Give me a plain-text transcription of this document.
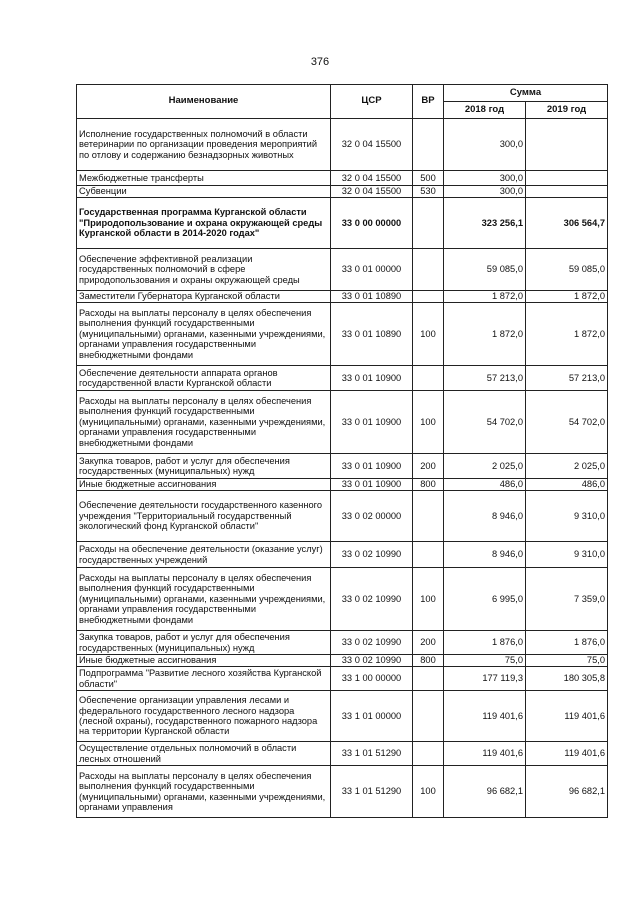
376
Наименование	ЦСР	ВР	Сумма	
			2018 год	2019 год
Исполнение государственных полномочий в области ветеринарии по организации проведения мероприятий по отлову и содержанию безнадзорных животных	32 0 04 15500		300,0	
Межбюджетные трансферты	32 0 04 15500	500	300,0	
Субвенции	32 0 04 15500	530	300,0	
Государственная программа Курганской области "Природопользование и охрана окружающей среды Курганской области в 2014-2020 годах"	33 0 00 00000		323 256,1	306 564,7
Обеспечение эффективной реализации государственных полномочий в сфере природопользования и охраны окружающей среды	33 0 01 00000		59 085,0	59 085,0
Заместители Губернатора Курганской области	33 0 01 10890		1 872,0	1 872,0
Расходы на выплаты персоналу в целях обеспечения выполнения функций государственными (муниципальными) органами, казенными учреждениями, органами управления государственными внебюджетными фондами	33 0 01 10890	100	1 872,0	1 872,0
Обеспечение деятельности аппарата органов государственной власти Курганской области	33 0 01 10900		57 213,0	57 213,0
Расходы на выплаты персоналу в целях обеспечения выполнения функций государственными (муниципальными) органами, казенными учреждениями, органами управления государственными внебюджетными фондами	33 0 01 10900	100	54 702,0	54 702,0
Закупка товаров, работ и услуг для обеспечения государственных (муниципальных) нужд	33 0 01 10900	200	2 025,0	2 025,0
Иные бюджетные ассигнования	33 0 01 10900	800	486,0	486,0
Обеспечение деятельности государственного казенного учреждения "Территориальный государственный экологический фонд Курганской области"	33 0 02 00000		8 946,0	9 310,0
Расходы на обеспечение деятельности (оказание услуг) государственных учреждений	33 0 02 10990		8 946,0	9 310,0
Расходы на выплаты персоналу в целях обеспечения выполнения функций государственными (муниципальными) органами, казенными учреждениями, органами управления государственными внебюджетными фондами	33 0 02 10990	100	6 995,0	7 359,0
Закупка товаров, работ и услуг для обеспечения государственных (муниципальных) нужд	33 0 02 10990	200	1 876,0	1 876,0
Иные бюджетные ассигнования	33 0 02 10990	800	75,0	75,0
Подпрограмма "Развитие лесного хозяйства Курганской области"	33 1 00 00000		177 119,3	180 305,8
Обеспечение организации управления лесами и федерального государственного лесного надзора (лесной охраны), государственного пожарного надзора на территории Курганской области	33 1 01 00000		119 401,6	119 401,6
Осуществление отдельных полномочий в области лесных отношений	33 1 01 51290		119 401,6	119 401,6
Расходы на выплаты персоналу в целях обеспечения выполнения функций государственными (муниципальными) органами, казенными учреждениями, органами управления	33 1 01 51290	100	96 682,1	96 682,1
